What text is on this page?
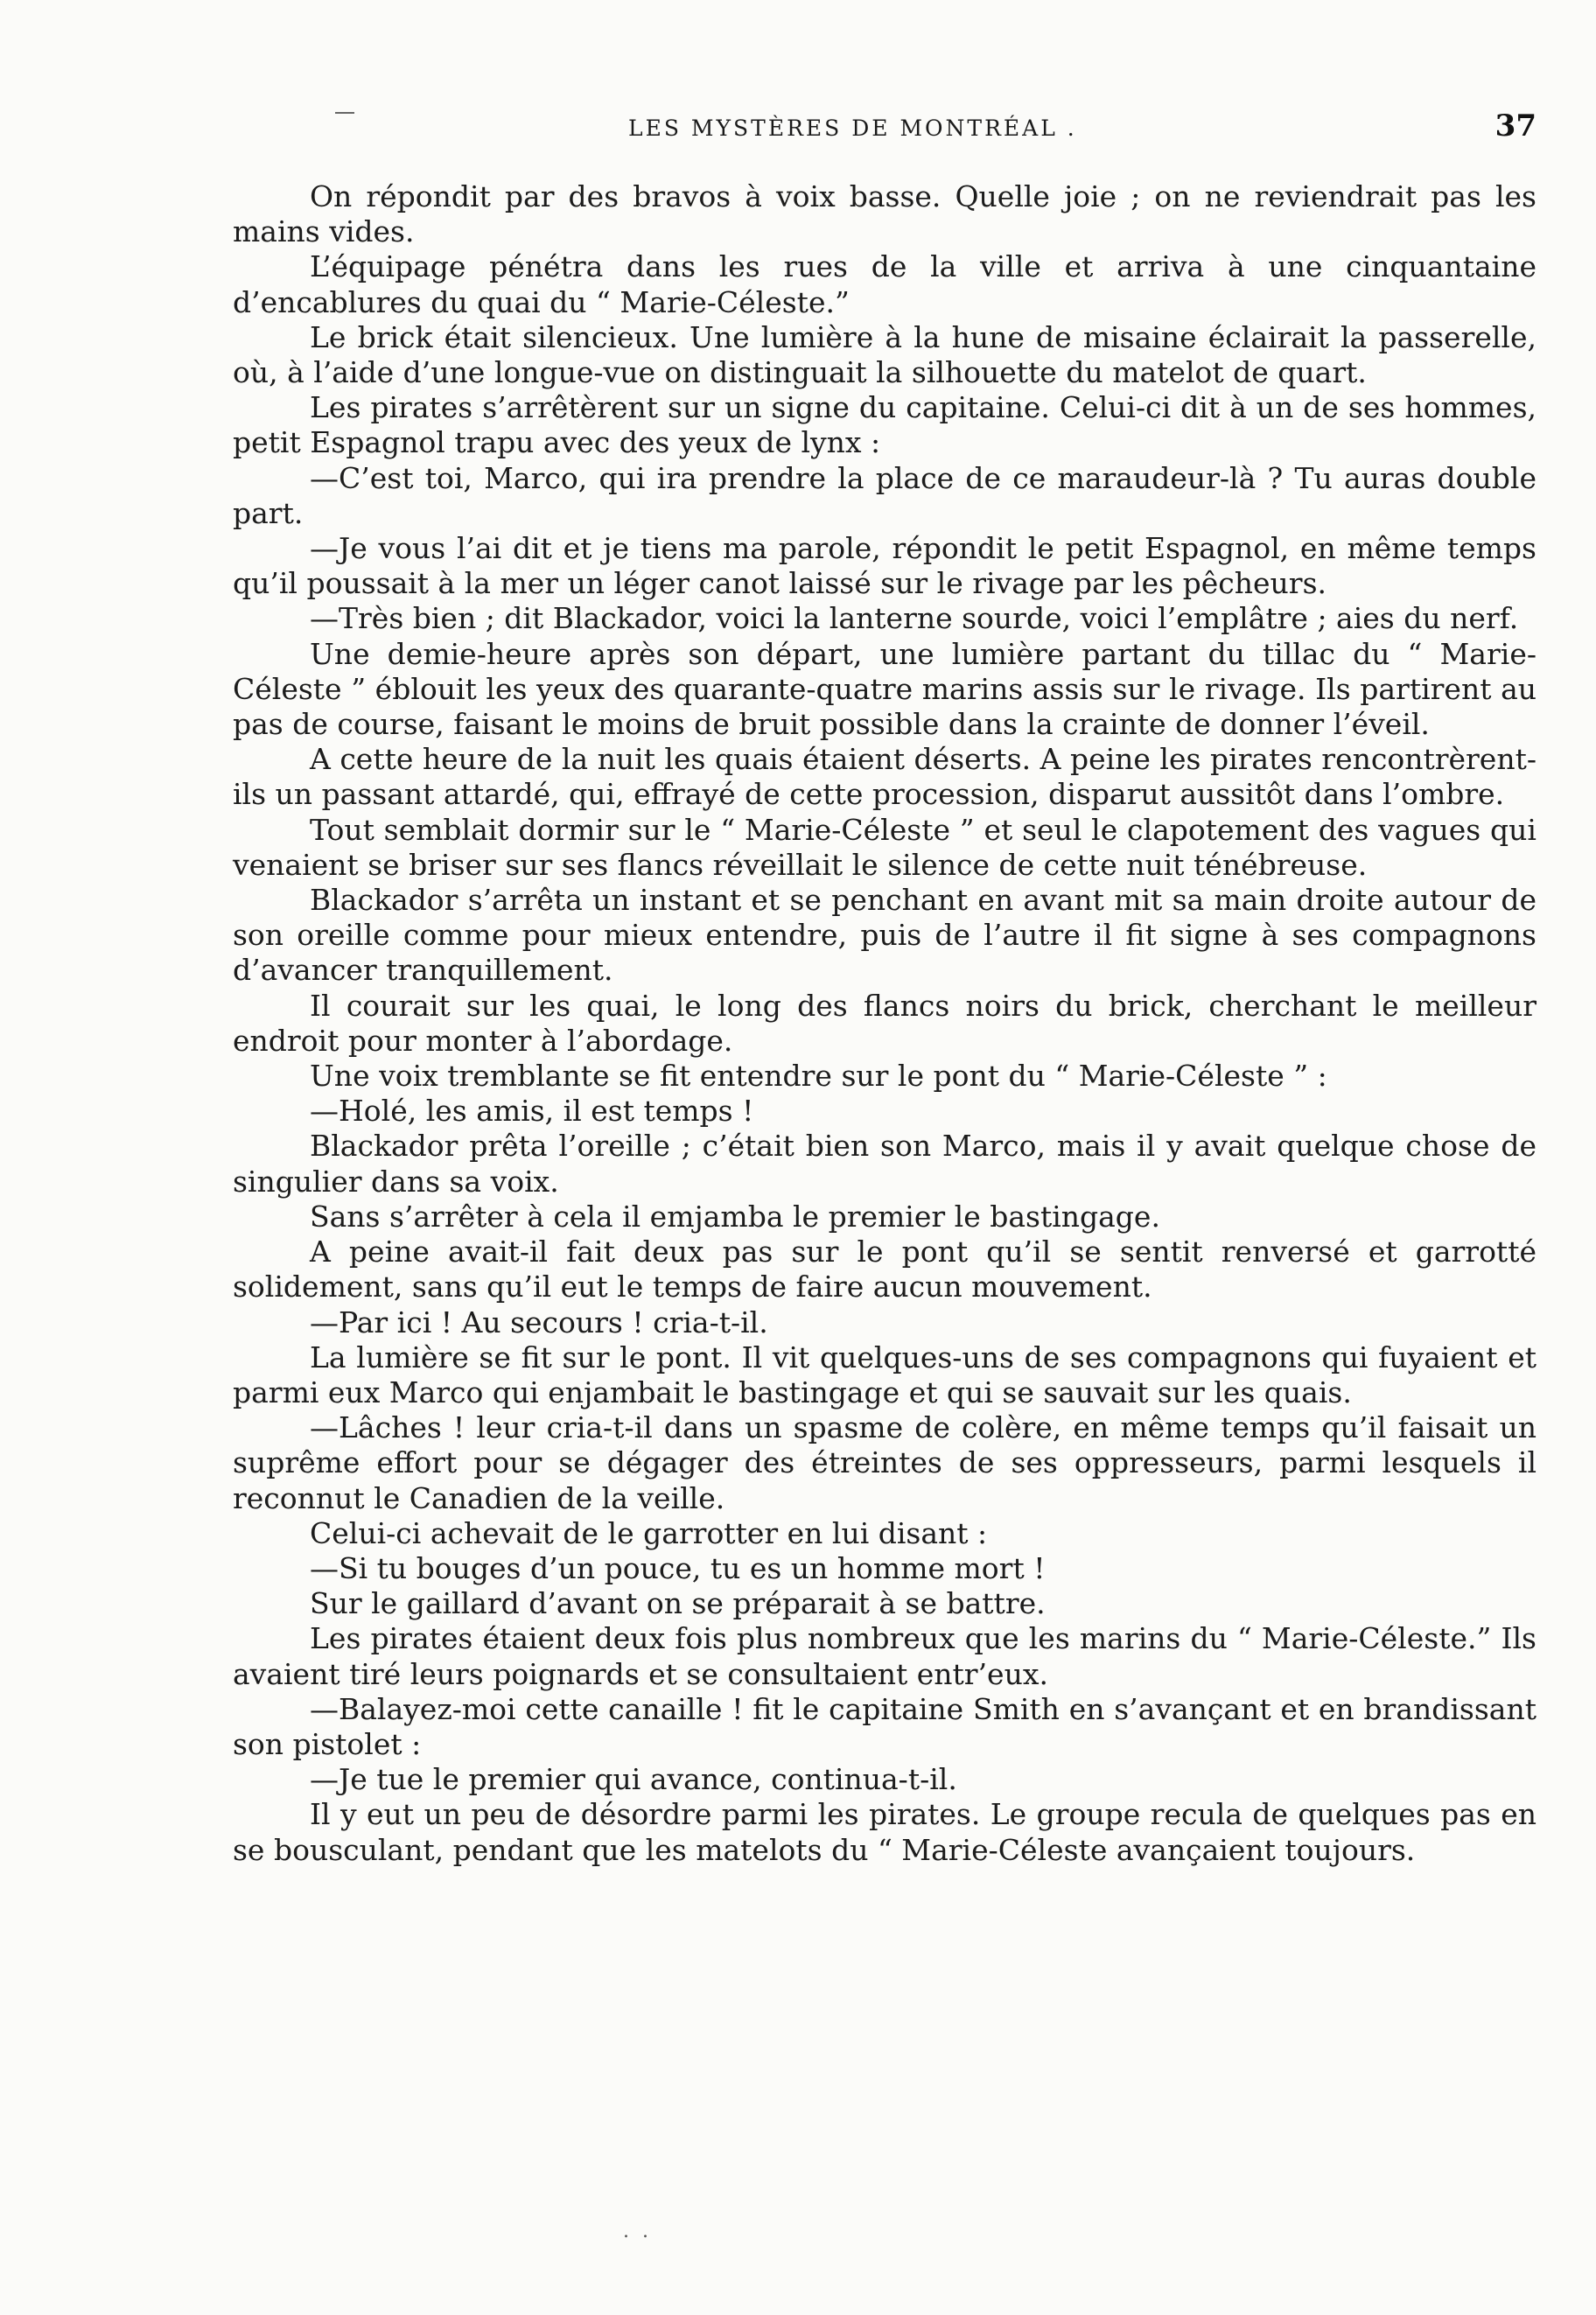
LES MYSTÈRES DE MONTRÉAL .	37

On répondit par des bravos à voix basse. Quelle joie ; on ne reviendrait pas les mains vides.

L’équipage pénétra dans les rues de la ville et arriva à une cinquantaine d’encablures du quai du “ Marie-Céleste.”

Le brick était silencieux. Une lumière à la hune de misaine éclairait la passerelle, où, à l’aide d’une longue-vue on distinguait la silhouette du matelot de quart.

Les pirates s’arrêtèrent sur un signe du capitaine. Celui-ci dit à un de ses hommes, petit Espagnol trapu avec des yeux de lynx :

—C’est toi, Marco, qui ira prendre la place de ce maraudeur-là ? Tu auras double part.

—Je vous l’ai dit et je tiens ma parole, répondit le petit Espagnol, en même temps qu’il poussait à la mer un léger canot laissé sur le rivage par les pêcheurs.

—Très bien ; dit Blackador, voici la lanterne sourde, voici l’emplâtre ; aies du nerf.

Une demie-heure après son départ, une lumière partant du tillac du “ Marie-Céleste ” éblouit les yeux des quarante-quatre marins assis sur le rivage. Ils partirent au pas de course, faisant le moins de bruit possible dans la crainte de donner l’éveil.

A cette heure de la nuit les quais étaient déserts. A peine les pirates rencontrèrent-ils un passant attardé, qui, effrayé de cette procession, disparut aussitôt dans l’ombre.

Tout semblait dormir sur le “ Marie-Céleste ” et seul le clapotement des vagues qui venaient se briser sur ses flancs réveillait le silence de cette nuit ténébreuse.

Blackador s’arrêta un instant et se penchant en avant mit sa main droite autour de son oreille comme pour mieux entendre, puis de l’autre il fit signe à ses compagnons d’avancer tranquillement.

Il courait sur les quai, le long des flancs noirs du brick, cherchant le meilleur endroit pour monter à l’abordage.

Une voix tremblante se fit entendre sur le pont du “ Marie-Céleste ” :

—Holé, les amis, il est temps !

Blackador prêta l’oreille ; c’était bien son Marco, mais il y avait quelque chose de singulier dans sa voix.

Sans s’arrêter à cela il emjamba le premier le bastingage.

A peine avait-il fait deux pas sur le pont qu’il se sentit renversé et garrotté solidement, sans qu’il eut le temps de faire aucun mouvement.

—Par ici ! Au secours ! cria-t-il.

La lumière se fit sur le pont. Il vit quelques-uns de ses compagnons qui fuyaient et parmi eux Marco qui enjambait le bastingage et qui se sauvait sur les quais.

—Lâches ! leur cria-t-il dans un spasme de colère, en même temps qu’il faisait un suprême effort pour se dégager des étreintes de ses oppresseurs, parmi lesquels il reconnut le Canadien de la veille.

Celui-ci achevait de le garrotter en lui disant :

—Si tu bouges d’un pouce, tu es un homme mort !

Sur le gaillard d’avant on se préparait à se battre.

Les pirates étaient deux fois plus nombreux que les marins du “ Marie-Céleste.” Ils avaient tiré leurs poignards et se consultaient entr’eux.

—Balayez-moi cette canaille ! fit le capitaine Smith en s’avançant et en brandissant son pistolet :

—Je tue le premier qui avance, continua-t-il.

Il y eut un peu de désordre parmi les pirates. Le groupe recula de quelques pas en se bousculant, pendant que les matelots du “ Marie-Céleste avançaient toujours.

. .
